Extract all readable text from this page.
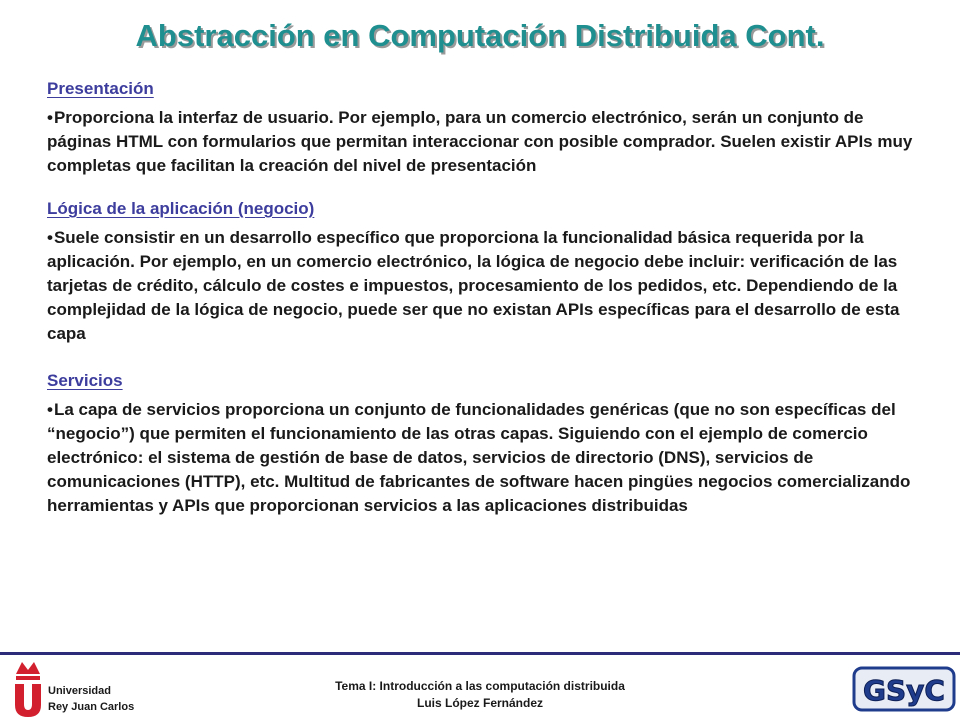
Abstracción en Computación Distribuida Cont.
Presentación

•Proporciona la interfaz de usuario. Por ejemplo, para un comercio electrónico, serán un conjunto de páginas HTML con formularios que permitan interaccionar con posible comprador. Suelen existir APIs muy completas que facilitan la creación del nivel de presentación

Lógica de la aplicación (negocio)

•Suele consistir en un desarrollo específico que proporciona la funcionalidad básica requerida por la aplicación. Por ejemplo, en un comercio electrónico, la lógica de negocio debe incluir: verificación de las tarjetas de crédito, cálculo de costes e impuestos, procesamiento de los pedidos, etc. Dependiendo de la complejidad de la lógica de negocio, puede ser que no existan APIs específicas para el desarrollo de esta capa

Servicios

•La capa de servicios proporciona un conjunto de funcionalidades genéricas (que no son específicas del “negocio”) que permiten el funcionamiento de las otras capas. Siguiendo con el ejemplo de comercio electrónico: el sistema de gestión de base de datos, servicios de directorio (DNS), servicios de comunicaciones (HTTP), etc. Multitud de fabricantes de software hacen pingües negocios comercializando herramientas y APIs que proporcionan servicios a las aplicaciones distribuidas

Universidad
Rey Juan Carlos
Tema I: Introducción a las computación distribuida
Luis López Fernández	GSyC
